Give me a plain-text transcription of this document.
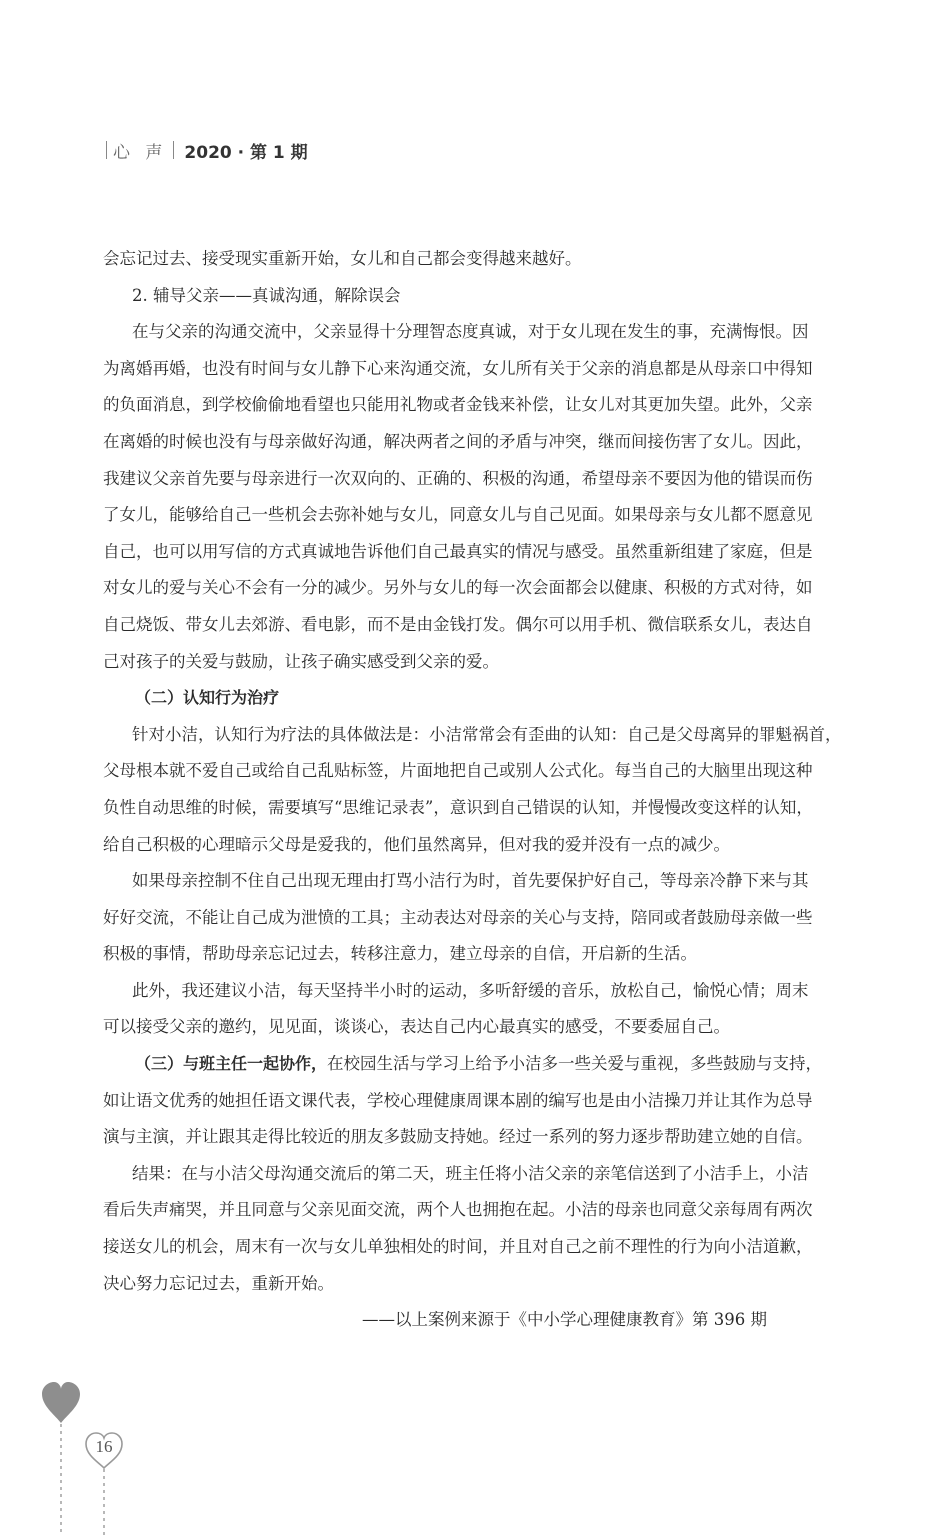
心 声 2020 · 第 1 期
会忘记过去、接受现实重新开始，女儿和自己都会变得越来越好。
2. 辅导父亲——真诚沟通，解除误会
在与父亲的沟通交流中，父亲显得十分理智态度真诚，对于女儿现在发生的事，充满悔恨。因
为离婚再婚，也没有时间与女儿静下心来沟通交流，女儿所有关于父亲的消息都是从母亲口中得知
的负面消息，到学校偷偷地看望也只能用礼物或者金钱来补偿，让女儿对其更加失望。此外，父亲
在离婚的时候也没有与母亲做好沟通，解决两者之间的矛盾与冲突，继而间接伤害了女儿。因此，
我建议父亲首先要与母亲进行一次双向的、正确的、积极的沟通，希望母亲不要因为他的错误而伤
了女儿，能够给自己一些机会去弥补她与女儿，同意女儿与自己见面。如果母亲与女儿都不愿意见
自己，也可以用写信的方式真诚地告诉他们自己最真实的情况与感受。虽然重新组建了家庭，但是
对女儿的爱与关心不会有一分的减少。另外与女儿的每一次会面都会以健康、积极的方式对待，如
自己烧饭、带女儿去郊游、看电影，而不是由金钱打发。偶尔可以用手机、微信联系女儿，表达自
己对孩子的关爱与鼓励，让孩子确实感受到父亲的爱。
（二）认知行为治疗
针对小洁，认知行为疗法的具体做法是：小洁常常会有歪曲的认知：自己是父母离异的罪魁祸首，
父母根本就不爱自己或给自己乱贴标签，片面地把自己或别人公式化。每当自己的大脑里出现这种
负性自动思维的时候，需要填写“思维记录表”，意识到自己错误的认知，并慢慢改变这样的认知，
给自己积极的心理暗示父母是爱我的，他们虽然离异，但对我的爱并没有一点的减少。
如果母亲控制不住自己出现无理由打骂小洁行为时，首先要保护好自己，等母亲冷静下来与其
好好交流，不能让自己成为泄愤的工具；主动表达对母亲的关心与支持，陪同或者鼓励母亲做一些
积极的事情，帮助母亲忘记过去，转移注意力，建立母亲的自信，开启新的生活。
此外，我还建议小洁，每天坚持半小时的运动，多听舒缓的音乐，放松自己，愉悦心情；周末
可以接受父亲的邀约，见见面，谈谈心，表达自己内心最真实的感受，不要委屈自己。
（三）与班主任一起协作，在校园生活与学习上给予小洁多一些关爱与重视，多些鼓励与支持，
如让语文优秀的她担任语文课代表，学校心理健康周课本剧的编写也是由小洁操刀并让其作为总导
演与主演，并让跟其走得比较近的朋友多鼓励支持她。经过一系列的努力逐步帮助建立她的自信。
结果：在与小洁父母沟通交流后的第二天，班主任将小洁父亲的亲笔信送到了小洁手上，小洁
看后失声痛哭，并且同意与父亲见面交流，两个人也拥抱在起。小洁的母亲也同意父亲每周有两次
接送女儿的机会，周末有一次与女儿单独相处的时间，并且对自己之前不理性的行为向小洁道歉，
决心努力忘记过去，重新开始。
——以上案例来源于《中小学心理健康教育》第 396 期
16
